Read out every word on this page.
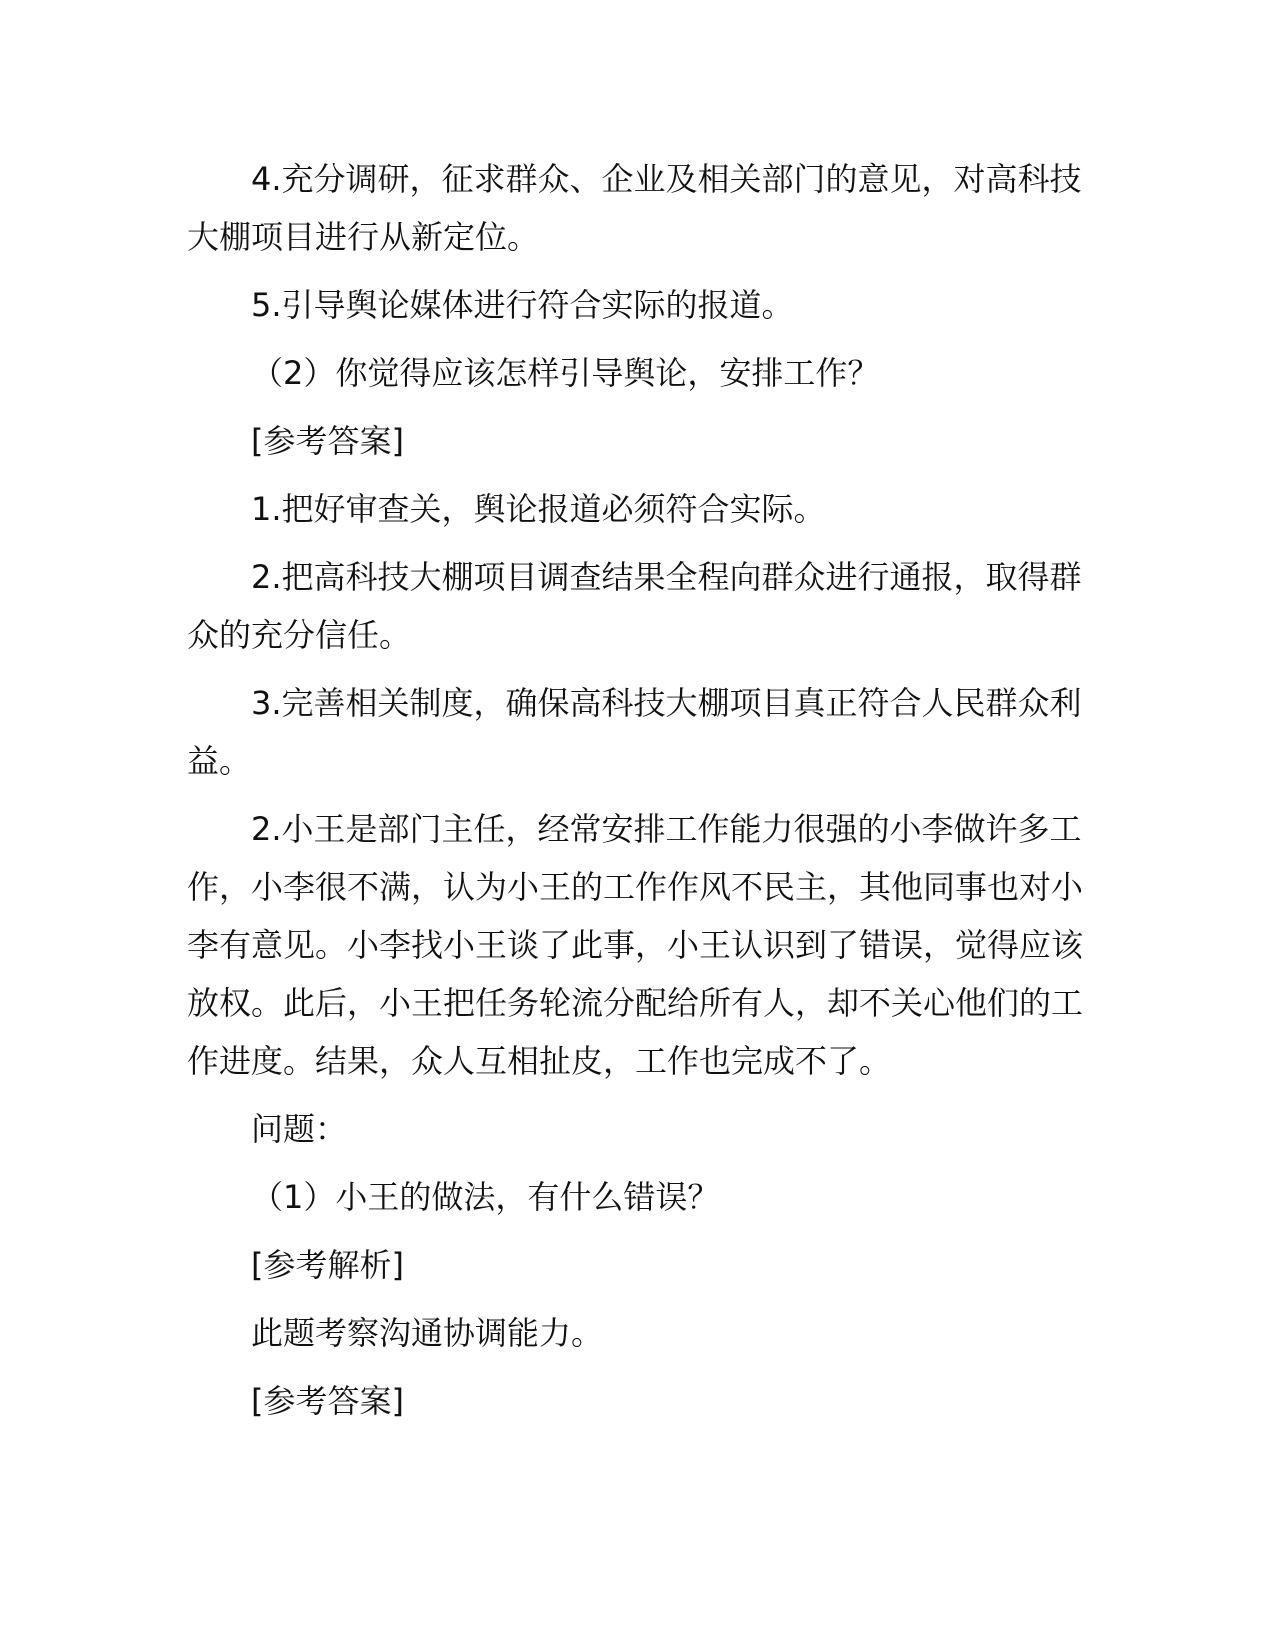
4.充分调研，征求群众、企业及相关部门的意见，对高科技大棚项目进行从新定位。

5.引导舆论媒体进行符合实际的报道。

（2）你觉得应该怎样引导舆论，安排工作？

[参考答案]

1.把好审查关，舆论报道必须符合实际。

2.把高科技大棚项目调查结果全程向群众进行通报，取得群众的充分信任。

3.完善相关制度，确保高科技大棚项目真正符合人民群众利益。

2.小王是部门主任，经常安排工作能力很强的小李做许多工作，小李很不满，认为小王的工作作风不民主，其他同事也对小李有意见。小李找小王谈了此事，小王认识到了错误，觉得应该放权。此后，小王把任务轮流分配给所有人，却不关心他们的工作进度。结果，众人互相扯皮，工作也完成不了。

问题：

（1）小王的做法，有什么错误？

[参考解析]

此题考察沟通协调能力。

[参考答案]
